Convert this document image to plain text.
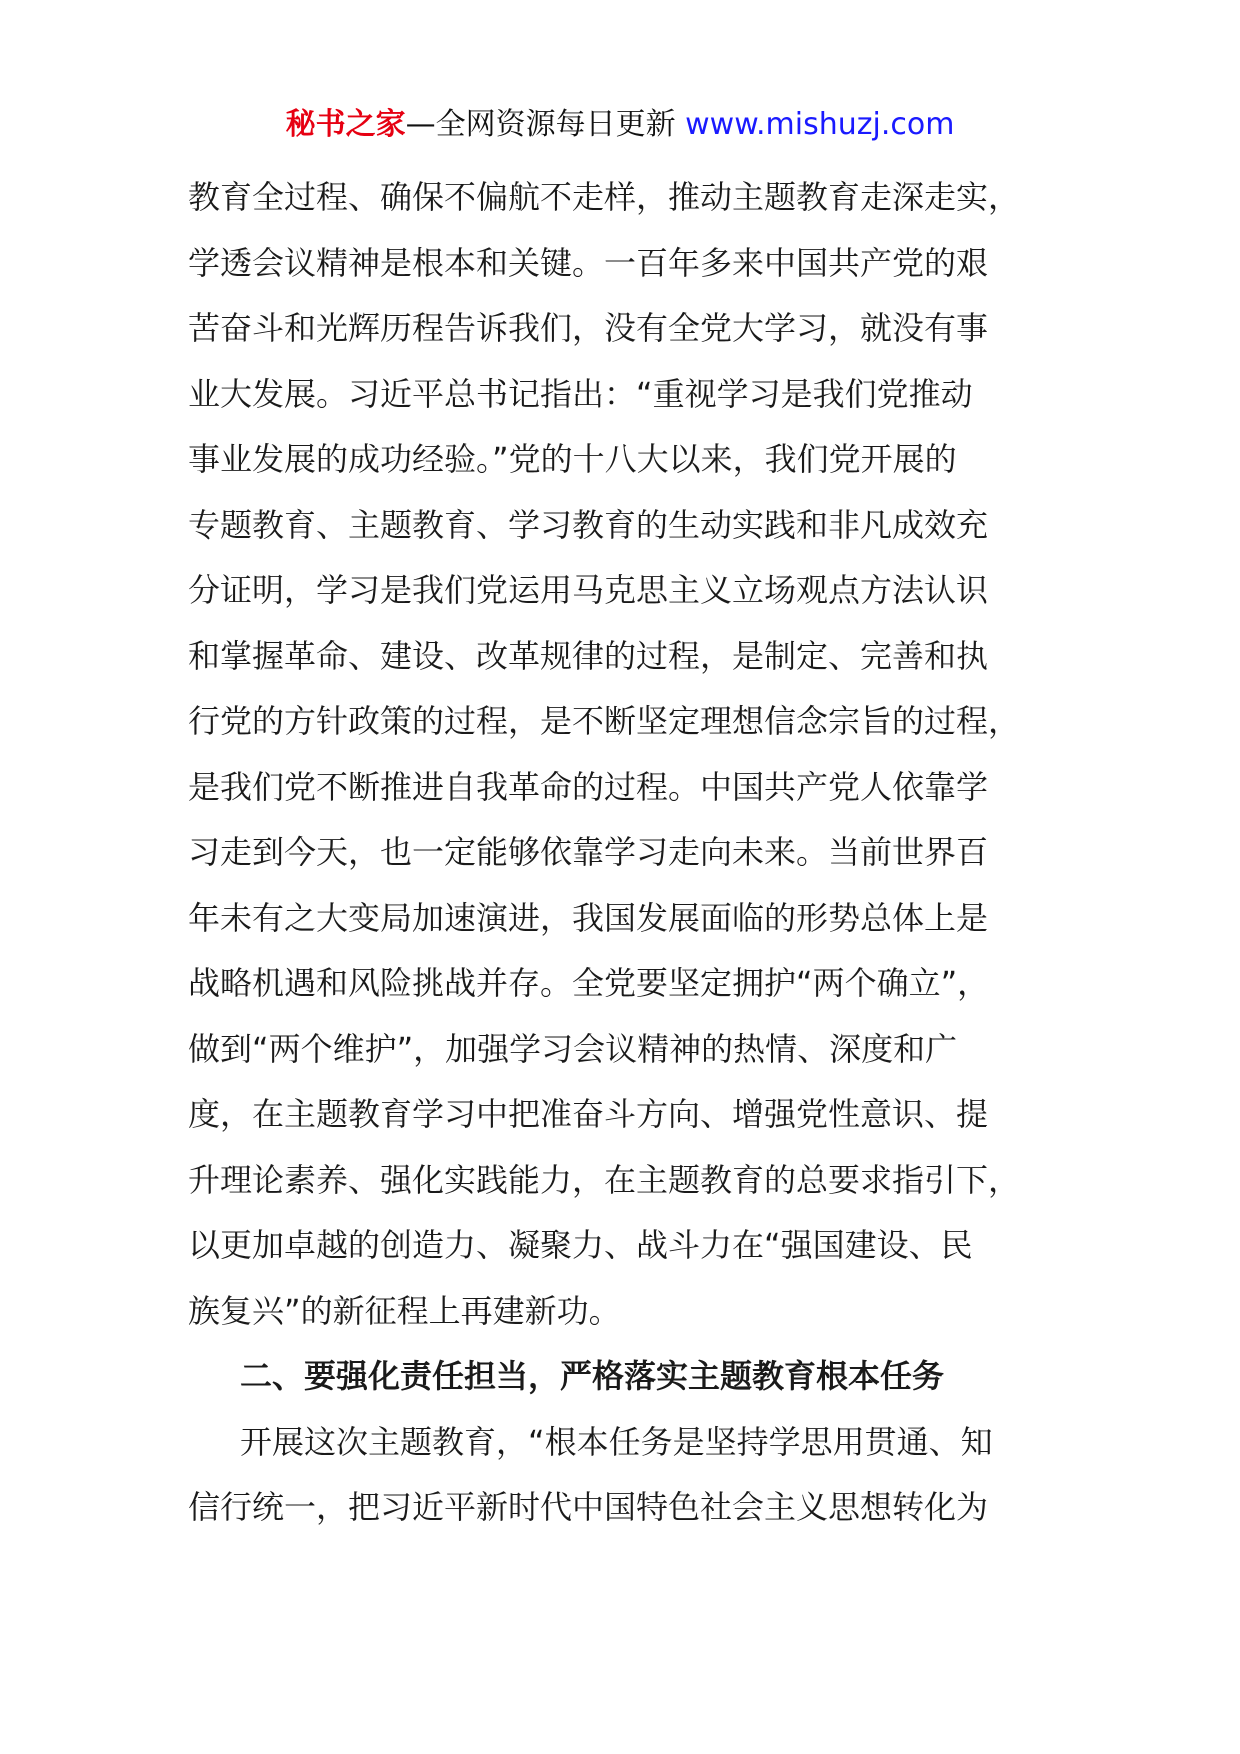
秘书之家—全网资源每日更新 www.mishuzj.com
教育全过程、确保不偏航不走样，推动主题教育走深走实，
学透会议精神是根本和关键。一百年多来中国共产党的艰
苦奋斗和光辉历程告诉我们，没有全党大学习，就没有事
业大发展。习近平总书记指出：“重视学习是我们党推动
事业发展的成功经验。”党的十八大以来，我们党开展的
专题教育、主题教育、学习教育的生动实践和非凡成效充
分证明，学习是我们党运用马克思主义立场观点方法认识
和掌握革命、建设、改革规律的过程，是制定、完善和执
行党的方针政策的过程，是不断坚定理想信念宗旨的过程，
是我们党不断推进自我革命的过程。中国共产党人依靠学
习走到今天，也一定能够依靠学习走向未来。当前世界百
年未有之大变局加速演进，我国发展面临的形势总体上是
战略机遇和风险挑战并存。全党要坚定拥护“两个确立”，
做到“两个维护”，加强学习会议精神的热情、深度和广
度，在主题教育学习中把准奋斗方向、增强党性意识、提
升理论素养、强化实践能力，在主题教育的总要求指引下，
以更加卓越的创造力、凝聚力、战斗力在“强国建设、民
族复兴”的新征程上再建新功。
二、要强化责任担当，严格落实主题教育根本任务
开展这次主题教育，“根本任务是坚持学思用贯通、知
信行统一，把习近平新时代中国特色社会主义思想转化为
